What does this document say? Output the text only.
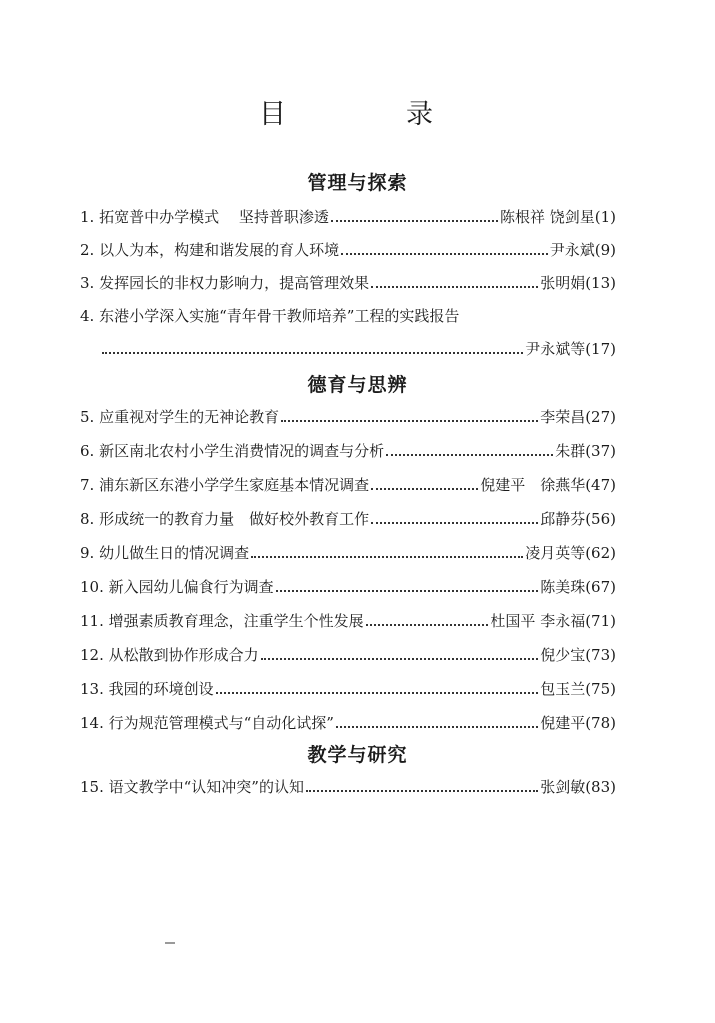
目	录
管理与探索
1. 拓宽普中办学模式　 坚持普职渗透	陈根祥 饶剑星 (1)
2. 以人为本，构建和谐发展的育人环境	尹永斌 (9)
3. 发挥园长的非权力影响力，提高管理效果	张明娟 (13)
4. 东港小学深入实施“青年骨干教师培养”工程的实践报告
尹永斌等 (17)
德育与思辨
5. 应重视对学生的无神论教育	李荣昌 (27)
6. 新区南北农村小学生消费情况的调查与分析	朱群 (37)
7. 浦东新区东港小学学生家庭基本情况调查	倪建平　徐燕华 (47)
8. 形成统一的教育力量　做好校外教育工作	邱静芬 (56)
9. 幼儿做生日的情况调查	凌月英等 (62)
10. 新入园幼儿偏食行为调查	陈美珠 (67)
11. 增强素质教育理念，注重学生个性发展	杜国平 李永福 (71)
12. 从松散到协作形成合力	倪少宝 (73)
13. 我园的环境创设	包玉兰 (75)
14. 行为规范管理模式与“自动化试探”	倪建平 (78)
教学与研究
15. 语文教学中“认知冲突”的认知	张剑敏 (83)
